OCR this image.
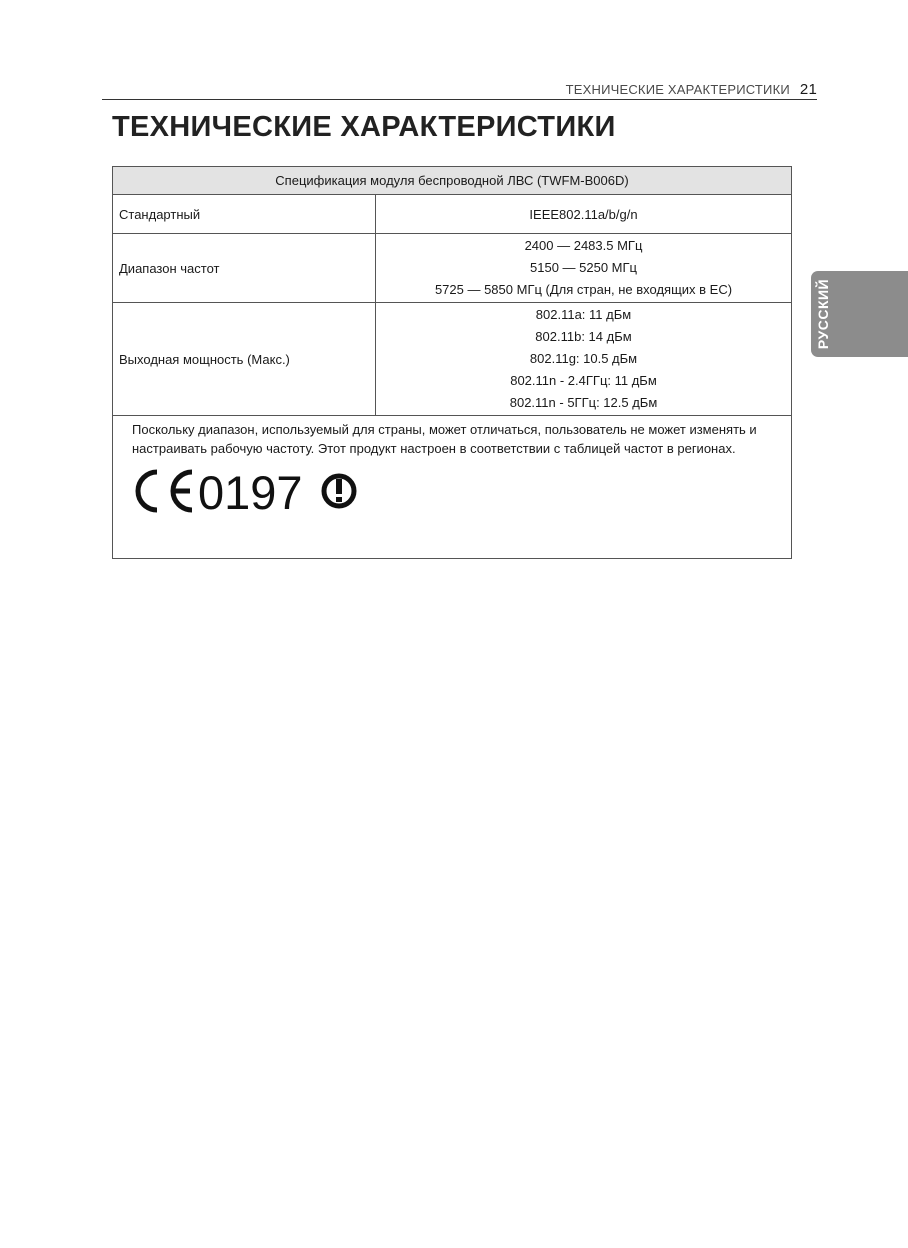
ТЕХНИЧЕСКИЕ ХАРАКТЕРИСТИКИ 21
ТЕХНИЧЕСКИЕ ХАРАКТЕРИСТИКИ
РУССКИЙ
Спецификация модуля беспроводной ЛВС (TWFM-B006D)	
Стандартный	IEEE802.11a/b/g/n
Диапазон частот	2400 — 2483.5 МГц
5150 — 5250 МГц
5725 — 5850 МГц (Для стран, не входящих в ЕС)

Выходная мощность (Макс.)	802.11a: 11 дБм
802.11b: 14 дБм
802.11g: 10.5 дБм
802.11n - 2.4ГГц: 11 дБм
802.11n - 5ГГц: 12.5 дБм

Поскольку диапазон, используемый для страны, может отличаться, пользователь не может изменять и настраивать рабочую частоту. Этот продукт настроен в соответствии с таблицей частот в регионах.

0197	
